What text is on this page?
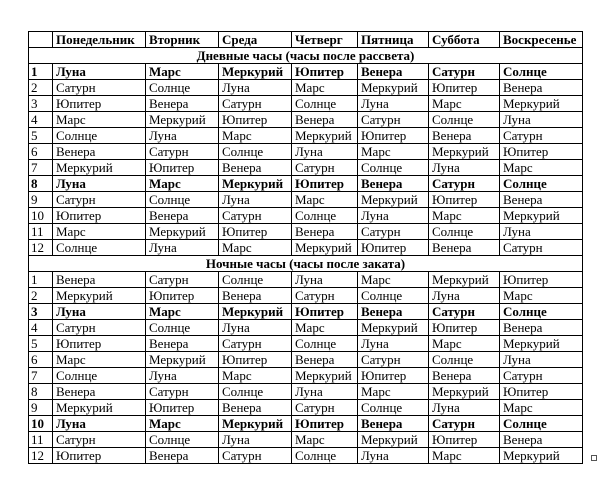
	Понедельник	Вторник	Среда	Четверг	Пятница	Суббота	Воскресенье
Дневные часы (часы после рассвета)							
1	Луна	Марс	Меркурий	Юпитер	Венера	Сатурн	Солнце
2	Сатурн	Солнце	Луна	Марс	Меркурий	Юпитер	Венера
3	Юпитер	Венера	Сатурн	Солнце	Луна	Марс	Меркурий
4	Марс	Меркурий	Юпитер	Венера	Сатурн	Солнце	Луна
5	Солнце	Луна	Марс	Меркурий	Юпитер	Венера	Сатурн
6	Венера	Сатурн	Солнце	Луна	Марс	Меркурий	Юпитер
7	Меркурий	Юпитер	Венера	Сатурн	Солнце	Луна	Марс
8	Луна	Марс	Меркурий	Юпитер	Венера	Сатурн	Солнце
9	Сатурн	Солнце	Луна	Марс	Меркурий	Юпитер	Венера
10	Юпитер	Венера	Сатурн	Солнце	Луна	Марс	Меркурий
11	Марс	Меркурий	Юпитер	Венера	Сатурн	Солнце	Луна
12	Солнце	Луна	Марс	Меркурий	Юпитер	Венера	Сатурн
Ночные часы (часы после заката)							
1	Венера	Сатурн	Солнце	Луна	Марс	Меркурий	Юпитер
2	Меркурий	Юпитер	Венера	Сатурн	Солнце	Луна	Марс
3	Луна	Марс	Меркурий	Юпитер	Венера	Сатурн	Солнце
4	Сатурн	Солнце	Луна	Марс	Меркурий	Юпитер	Венера
5	Юпитер	Венера	Сатурн	Солнце	Луна	Марс	Меркурий
6	Марс	Меркурий	Юпитер	Венера	Сатурн	Солнце	Луна
7	Солнце	Луна	Марс	Меркурий	Юпитер	Венера	Сатурн
8	Венера	Сатурн	Солнце	Луна	Марс	Меркурий	Юпитер
9	Меркурий	Юпитер	Венера	Сатурн	Солнце	Луна	Марс
10	Луна	Марс	Меркурий	Юпитер	Венера	Сатурн	Солнце
11	Сатурн	Солнце	Луна	Марс	Меркурий	Юпитер	Венера
12	Юпитер	Венера	Сатурн	Солнце	Луна	Марс	Меркурий
